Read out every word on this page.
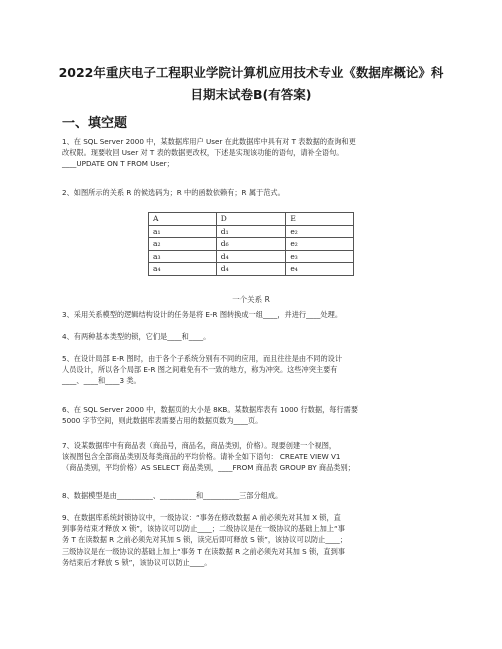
2022年重庆电子工程职业学院计算机应用技术专业《数据库概论》科
目期末试卷B(有答案)
一、填空题
1、在 SQL Server 2000 中，某数据库用户 User 在此数据库中具有对 T 表数据的查询和更
改权限。现要收回 User 对 T 表的数据更改权，下述是实现该功能的语句，请补全语句。
____UPDATE ON T FROM User；
2、如图所示的关系 R 的候选码为；R 中的函数依赖有；R 属于范式。
A	D	E
a₁	d₁	e₂
a₂	d₆	e₂
a₃	d₄	e₃
a₄	d₄	e₄
一个关系 R
3、采用关系模型的逻辑结构设计的任务是将 E-R 图转换成一组____，并进行____处理。
4、有两种基本类型的锁，它们是____和____。
5、在设计局部 E-R 图时，由于各个子系统分别有不同的应用，而且往往是由不同的设计
人员设计，所以各个局部 E-R 图之间难免有不一致的地方，称为冲突。这些冲突主要有
____、____和____3 类。
6、在 SQL Server 2000 中，数据页的大小是 8KB。某数据库表有 1000 行数据，每行需要
5000 字节空间，则此数据库表需要占用的数据页数为____页。
7、设某数据库中有商品表（商品号，商品名，商品类别，价格）。现要创建一个视图，
该视图包含全部商品类别及每类商品的平均价格。请补全如下语句： CREATE VIEW V1
（商品类别，平均价格）AS SELECT 商品类别，____FROM 商品表 GROUP BY 商品类别；
8、数据模型是由__________、__________和__________三部分组成。
9、在数据库系统封锁协议中，一级协议：“事务在修改数据 A 前必须先对其加 X 锁，直
到事务结束才释放 X 锁”，该协议可以防止____；二级协议是在一级协议的基础上加上“事
务 T 在读数据 R 之前必须先对其加 S 锁，读完后即可释放 S 锁”，该协议可以防止____；
三级协议是在一级协议的基础上加上“事务 T 在读数据 R 之前必须先对其加 S 锁，直到事
务结束后才释放 S 锁”，该协议可以防止____。
